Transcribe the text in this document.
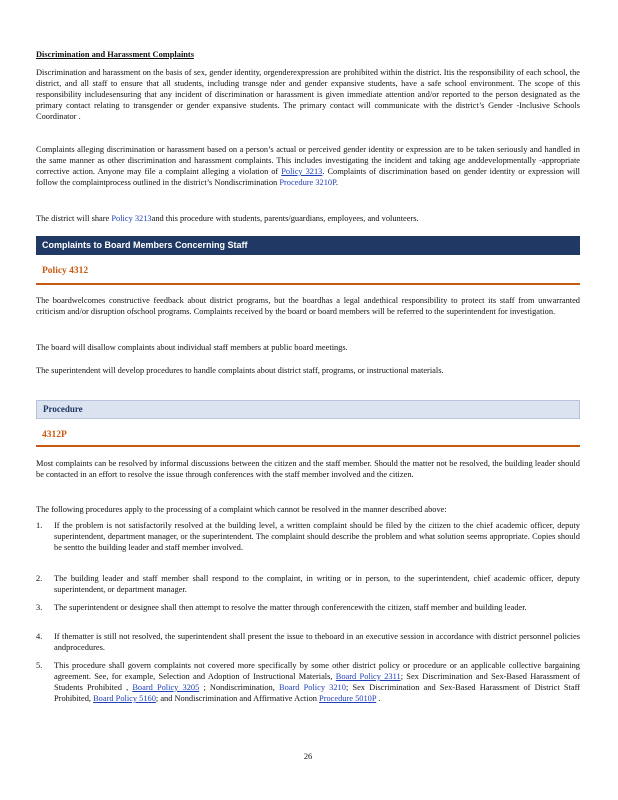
Discrimination and Harassment Complaints

Discrimination and harassment on the basis of sex, gender identity, orgenderexpression are prohibited within the district. Itis the responsibility of each school, the district, and all staff to ensure that all students, including transge nder and gender expansive students, have a safe school environment. The scope of this responsibility includesensuring that any incident of discrimination or harassment is given immediate attention and/or reported to the person designated as the primary contact relating to transgender or gender expansive students. The primary contact will communicate with the district’s Gender -Inclusive Schools Coordinator .

Complaints alleging discrimination or harassment based on a person’s actual or perceived gender identity or expression are to be taken seriously and handled in the same manner as other discrimination and harassment complaints. This includes investigating the incident and taking age anddevelopmentally -appropriate corrective action. Anyone may file a complaint alleging a violation of Policy 3213. Complaints of discrimination based on gender identity or expression will follow the complaintprocess outlined in the district’s Nondiscrimination Procedure 3210P.

The district will share Policy 3213and this procedure with students, parents/guardians, employees, and volunteers.

Complaints to Board Members Concerning Staff
Policy 4312

The boardwelcomes constructive feedback about district programs, but the boardhas a legal andethical responsibility to protect its staff from unwarranted criticism and/or disruption ofschool programs. Complaints received by the board or board members will be referred to the superintendent for investigation.

The board will disallow complaints about individual staff members at public board meetings.

The superintendent will develop procedures to handle complaints about district staff, programs, or instructional materials.

Procedure
4312P

Most complaints can be resolved by informal discussions between the citizen and the staff member. Should the matter not be resolved, the building leader should be contacted in an effort to resolve the issue through conferences with the staff member involved and the citizen.

The following procedures apply to the processing of a complaint which cannot be resolved in the manner described above:

1.	If the problem is not satisfactorily resolved at the building level, a written complaint should be filed by the citizen to the chief academic officer, deputy superintendent, department manager, or the superintendent. The complaint should describe the problem and what solution seems appropriate. Copies should be sentto the building leader and staff member involved.

2.	The building leader and staff member shall respond to the complaint, in writing or in person, to the superintendent, chief academic officer, deputy superintendent, or department manager.

3.	The superintendent or designee shall then attempt to resolve the matter through conferencewith the citizen, staff member and building leader.

4.	If thematter is still not resolved, the superintendent shall present the issue to theboard in an executive session in accordance with district personnel policies andprocedures.

5.	This procedure shall govern complaints not covered more specifically by some other district policy or procedure or an applicable collective bargaining agreement. See, for example, Selection and Adoption of Instructional Materials, Board Policy 2311; Sex Discrimination and Sex-Based Harassment of Students Prohibited , Board Policy 3205 ; Nondiscrimination, Board Policy 3210; Sex Discrimination and Sex-Based Harassment of District Staff Prohibited, Board Policy 5160; and Nondiscrimination and Affirmative Action Procedure 5010P .

26
